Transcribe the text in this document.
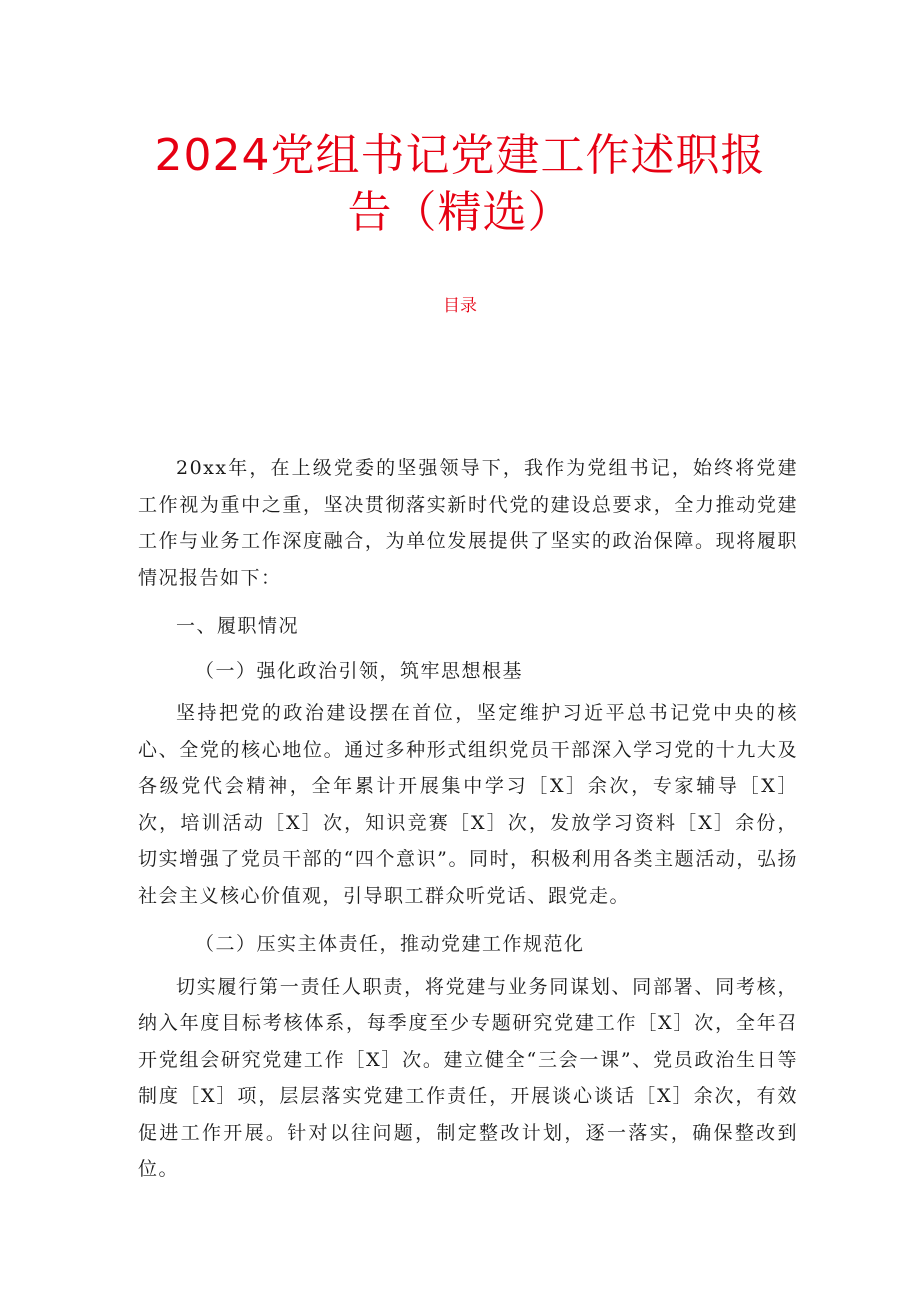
2024党组书记党建工作述职报
告（精选）
目录

20xx年，在上级党委的坚强领导下，我作为党组书记，始终将党建工作视为重中之重，坚决贯彻落实新时代党的建设总要求，全力推动党建工作与业务工作深度融合，为单位发展提供了坚实的政治保障。现将履职情况报告如下：

一、履职情况

（一）强化政治引领，筑牢思想根基

坚持把党的政治建设摆在首位，坚定维护习近平总书记党中央的核心、全党的核心地位。通过多种形式组织党员干部深入学习党的十九大及各级党代会精神，全年累计开展集中学习［X］余次，专家辅导［X］次，培训活动［X］次，知识竞赛［X］次，发放学习资料［X］余份，切实增强了党员干部的“四个意识”。同时，积极利用各类主题活动，弘扬社会主义核心价值观，引导职工群众听党话、跟党走。

（二）压实主体责任，推动党建工作规范化

切实履行第一责任人职责，将党建与业务同谋划、同部署、同考核，纳入年度目标考核体系，每季度至少专题研究党建工作［X］次，全年召开党组会研究党建工作［X］次。建立健全“三会一课”、党员政治生日等制度［X］项，层层落实党建工作责任，开展谈心谈话［X］余次，有效促进工作开展。针对以往问题，制定整改计划，逐一落实，确保整改到位。
